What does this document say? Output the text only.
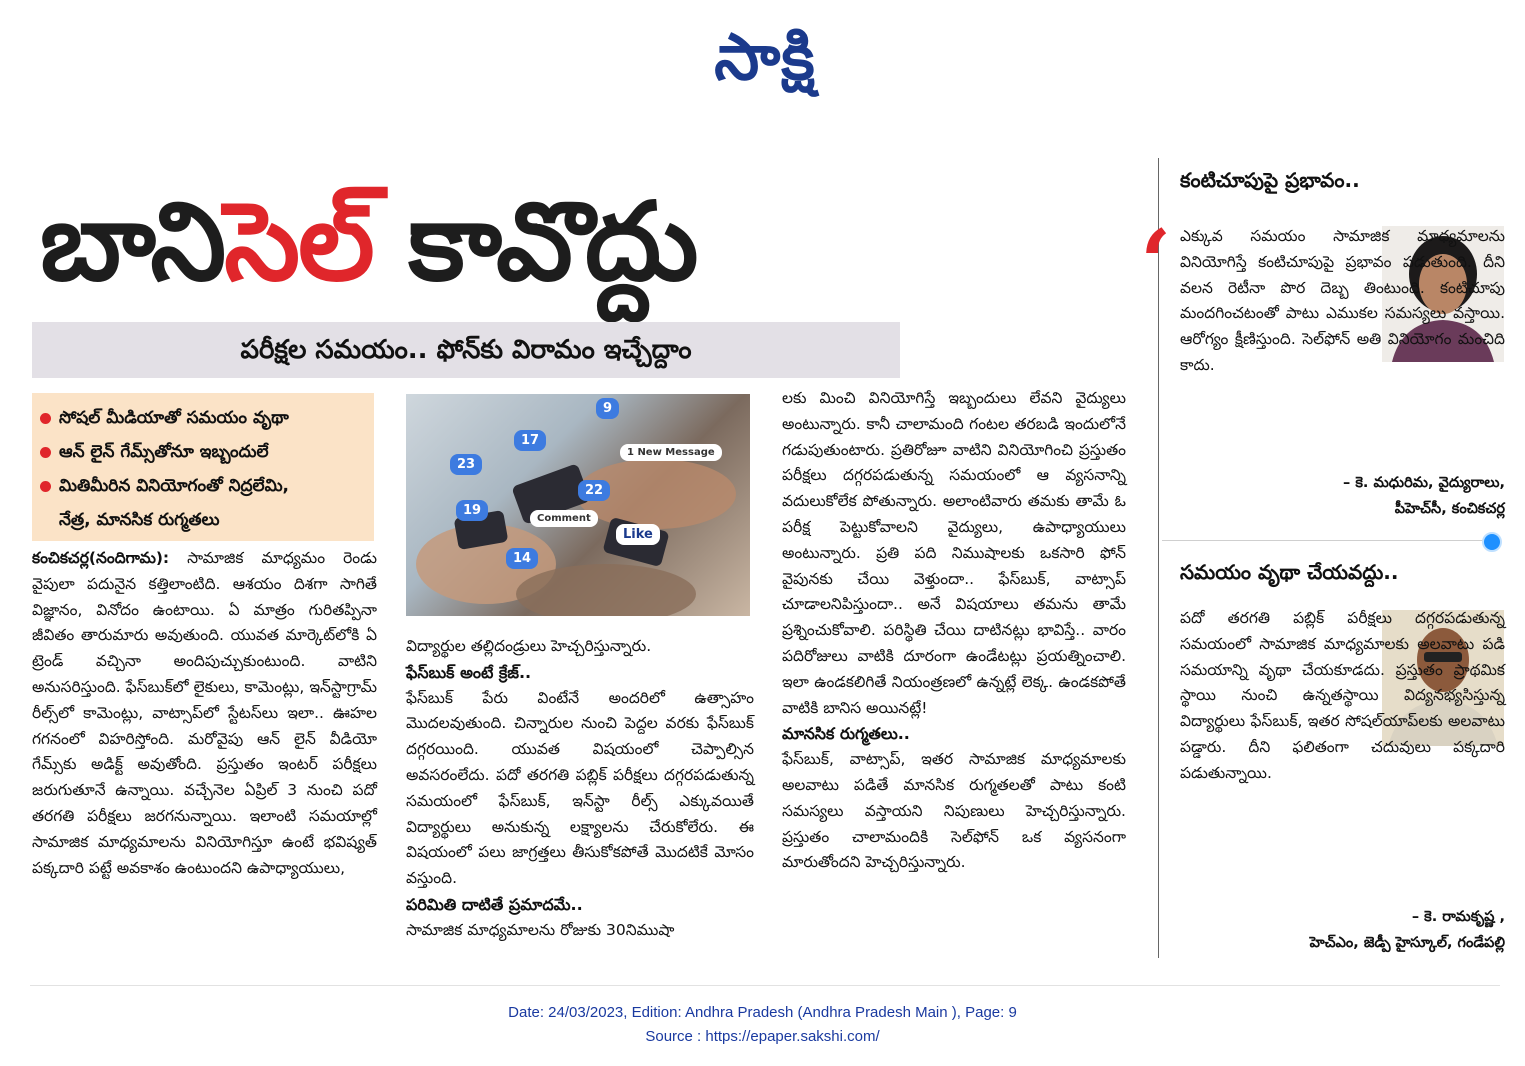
సాక్షి
బానిసెల్ కావొద్దు
పరీక్షల సమయం.. ఫోన్‌కు విరామం ఇచ్చేద్దాం
సోషల్ మీడియాతో సమయం వృథా
ఆన్ లైన్ గేమ్స్‌తోనూ ఇబ్బందులే
మితిమీరిన వినియోగంతో నిద్రలేమి,
నేత్ర, మానసిక రుగ్మతలు
9
17
23
22
19
14
1 New Message
Comment
Like

కంచికచర్ల(నందిగామ): సామాజిక మాధ్యమం రెండు వైపులా పదునైన కత్తిలాంటిది. ఆశయం దిశగా సాగితే విజ్ఞానం, వినోదం ఉంటాయి. ఏ మాత్రం గురితప్పినా జీవితం తారుమారు అవుతుంది. యువత మార్కెట్‌లోకి ఏ ట్రెండ్ వచ్చినా అందిపుచ్చుకుంటుంది. వాటిని అనుసరిస్తుంది. ఫేస్‌బుక్‌లో లైకులు, కామెంట్లు, ఇన్‌స్టాగ్రామ్ రీల్స్‌లో కామెంట్లు, వాట్సాప్‌లో స్టేటస్‌లు ఇలా.. ఊహల గగనంలో విహరిస్తోంది. మరోవైపు ఆన్ లైన్ వీడియో గేమ్స్‌కు అడిక్ట్ అవుతోంది. ప్రస్తుతం ఇంటర్ పరీక్షలు జరుగుతూనే ఉన్నాయి. వచ్చేనెల ఏప్రిల్ 3 నుంచి పదో తరగతి పరీక్షలు జరగనున్నాయి. ఇలాంటి సమయాల్లో సామాజిక మాధ్యమాలను వినియోగిస్తూ ఉంటే భవిష్యత్ పక్కదారి పట్టే అవకాశం ఉంటుందని ఉపాధ్యాయులు,

విద్యార్థుల తల్లిదండ్రులు హెచ్చరిస్తున్నారు.

ఫేస్‌బుక్ అంటే క్రేజ్..

ఫేస్‌బుక్ పేరు వింటేనే అందరిలో ఉత్సాహం మొదలవుతుంది. చిన్నారుల నుంచి పెద్దల వరకు ఫేస్‌బుక్ దగ్గరయింది. యువత విషయంలో చెప్పాల్సిన అవసరంలేదు. పదో తరగతి పబ్లిక్ పరీక్షలు దగ్గరపడుతున్న సమయంలో ఫేస్‌బుక్, ఇన్‌స్టా రీల్స్ ఎక్కువయితే విద్యార్థులు అనుకున్న లక్ష్యాలను చేరుకోలేరు. ఈ విషయంలో పలు జాగ్రత్తలు తీసుకోకపోతే మొదటికే మోసం వస్తుంది.

పరిమితి దాటితే ప్రమాదమే..

సామాజిక మాధ్యమాలను రోజుకు 30నిముషా

లకు మించి వినియోగిస్తే ఇబ్బందులు లేవని వైద్యులు అంటున్నారు. కానీ చాలామంది గంటల తరబడి ఇందులోనే గడుపుతుంటారు. ప్రతిరోజూ వాటిని వినియోగించి ప్రస్తుతం పరీక్షలు దగ్గరపడుతున్న సమయంలో ఆ వ్యసనాన్ని వదులుకోలేక పోతున్నారు. అలాంటివారు తమకు తామే ఓ పరీక్ష పెట్టుకోవాలని వైద్యులు, ఉపాధ్యాయులు అంటున్నారు. ప్రతి పది నిముషాలకు ఒకసారి ఫోన్ వైపునకు చేయి వెళ్తుందా.. ఫేస్‌బుక్, వాట్సాప్ చూడాలనిపిస్తుందా.. అనే విషయాలు తమను తామే ప్రశ్నించుకోవాలి. పరిస్థితి చేయి దాటినట్లు భావిస్తే.. వారం పదిరోజులు వాటికి దూరంగా ఉండేటట్లు ప్రయత్నించాలి. ఇలా ఉండకలిగితే నియంత్రణలో ఉన్నట్లే లెక్క. ఉండకపోతే వాటికి బానిస అయినట్లే!

మానసిక రుగ్మతలు..

ఫేస్‌బుక్, వాట్సాప్, ఇతర సామాజిక మాధ్యమాలకు అలవాటు పడితే మానసిక రుగ్మతలతో పాటు కంటి సమస్యలు వస్తాయని నిపుణులు హెచ్చరిస్తున్నారు. ప్రస్తుతం చాలామందికి సెల్‌ఫోన్ ఒక వ్యసనంగా మారుతోందని హెచ్చరిస్తున్నారు.

కంటిచూపుపై ప్రభావం..
‘ ఎక్కువ సమయం సామాజిక మాధ్యమాలను వినియోగిస్తే కంటిచూపుపై ప్రభావం పడుతుంది. దీని వలన రెటీనా పొర దెబ్బ తింటుంది. కంటిచూపు మందగించటంతో పాటు ఎముకల సమస్యలు వస్తాయి. ఆరోగ్యం క్షీణిస్తుంది. సెల్‌ఫోన్ అతి వినియోగం మంచిది కాదు.

– కె. మధురిమ, వైద్యురాలు,
పీహెచ్‌సీ, కంచికచర్ల
సమయం వృథా చేయవద్దు..

పదో తరగతి పబ్లిక్ పరీక్షలు దగ్గరపడుతున్న సమయంలో సామాజిక మాధ్యమాలకు అలవాటు పడి సమయాన్ని వృథా చేయకూడదు. ప్రస్తుతం ప్రాథమిక స్థాయి నుంచి ఉన్నతస్థాయి విద్యనభ్యసిస్తున్న విద్యార్థులు ఫేస్‌బుక్, ఇతర సోషల్‌యాప్‌లకు అలవాటు పడ్డారు. దీని ఫలితంగా చదువులు పక్కదారి పడుతున్నాయి.

– కె. రామకృష్ణ ,
హెచ్‌ఎం, జెడ్పీ హైస్కూల్, గండేపల్లి
Date: 24/03/2023, Edition: Andhra Pradesh (Andhra Pradesh Main ), Page: 9
Source : https://epaper.sakshi.com/
